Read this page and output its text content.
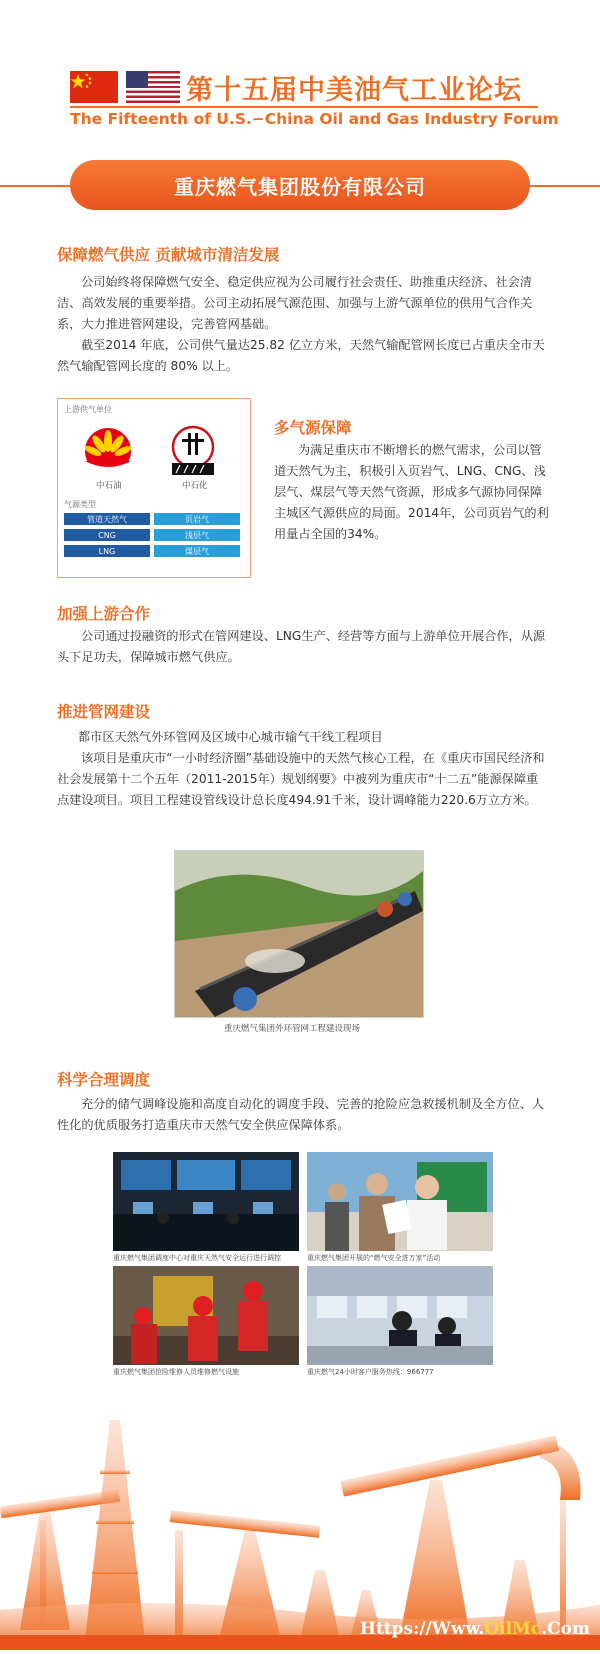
第十五届中美油气工业论坛
The Fifteenth of U.S.−China Oil and Gas Industry Forum
重庆燃气集团股份有限公司
保障燃气供应 贡献城市清洁发展
公司始终将保障燃气安全、稳定供应视为公司履行社会责任、助推重庆经济、社会清洁、高效发展的重要举措。公司主动拓展气源范围、加强与上游气源单位的供用气合作关系，大力推进管网建设，完善管网基础。
截至2014 年底，公司供气量达25.82 亿立方米，天然气输配管网长度已占重庆全市天然气输配管网长度的 80% 以上。
上游供气单位
中石油	中石化
气源类型
管道天然气	页岩气
CNG	浅层气
LNG	煤层气
多气源保障
为满足重庆市不断增长的燃气需求，公司以管道天然气为主，积极引入页岩气、LNG、CNG、浅层气、煤层气等天然气资源，形成多气源协同保障主城区气源供应的局面。2014年，公司页岩气的利用量占全国的34%。
加强上游合作
公司通过投融资的形式在管网建设、LNG生产、经营等方面与上游单位开展合作，从源头下足功夫，保障城市燃气供应。
推进管网建设
都市区天然气外环管网及区域中心城市输气干线工程项目
该项目是重庆市“一小时经济圈”基础设施中的天然气核心工程，在《重庆市国民经济和社会发展第十二个五年（2011-2015年）规划纲要》中被列为重庆市“十二五”能源保障重点建设项目。项目工程建设管线设计总长度494.91千米，设计调峰能力220.6万立方米。
重庆燃气集团外环管网工程建设现场
科学合理调度
充分的储气调峰设施和高度自动化的调度手段、完善的抢险应急救援机制及全方位、人性化的优质服务打造重庆市天然气安全供应保障体系。
重庆燃气集团调度中心对重庆天然气安全运行进行调控	重庆燃气集团开展的“燃气安全进万家”活动
重庆燃气集团抢险维修人员维修燃气设施	重庆燃气24小时客户服务热线：966777
Https://Www.OilMc.Com
